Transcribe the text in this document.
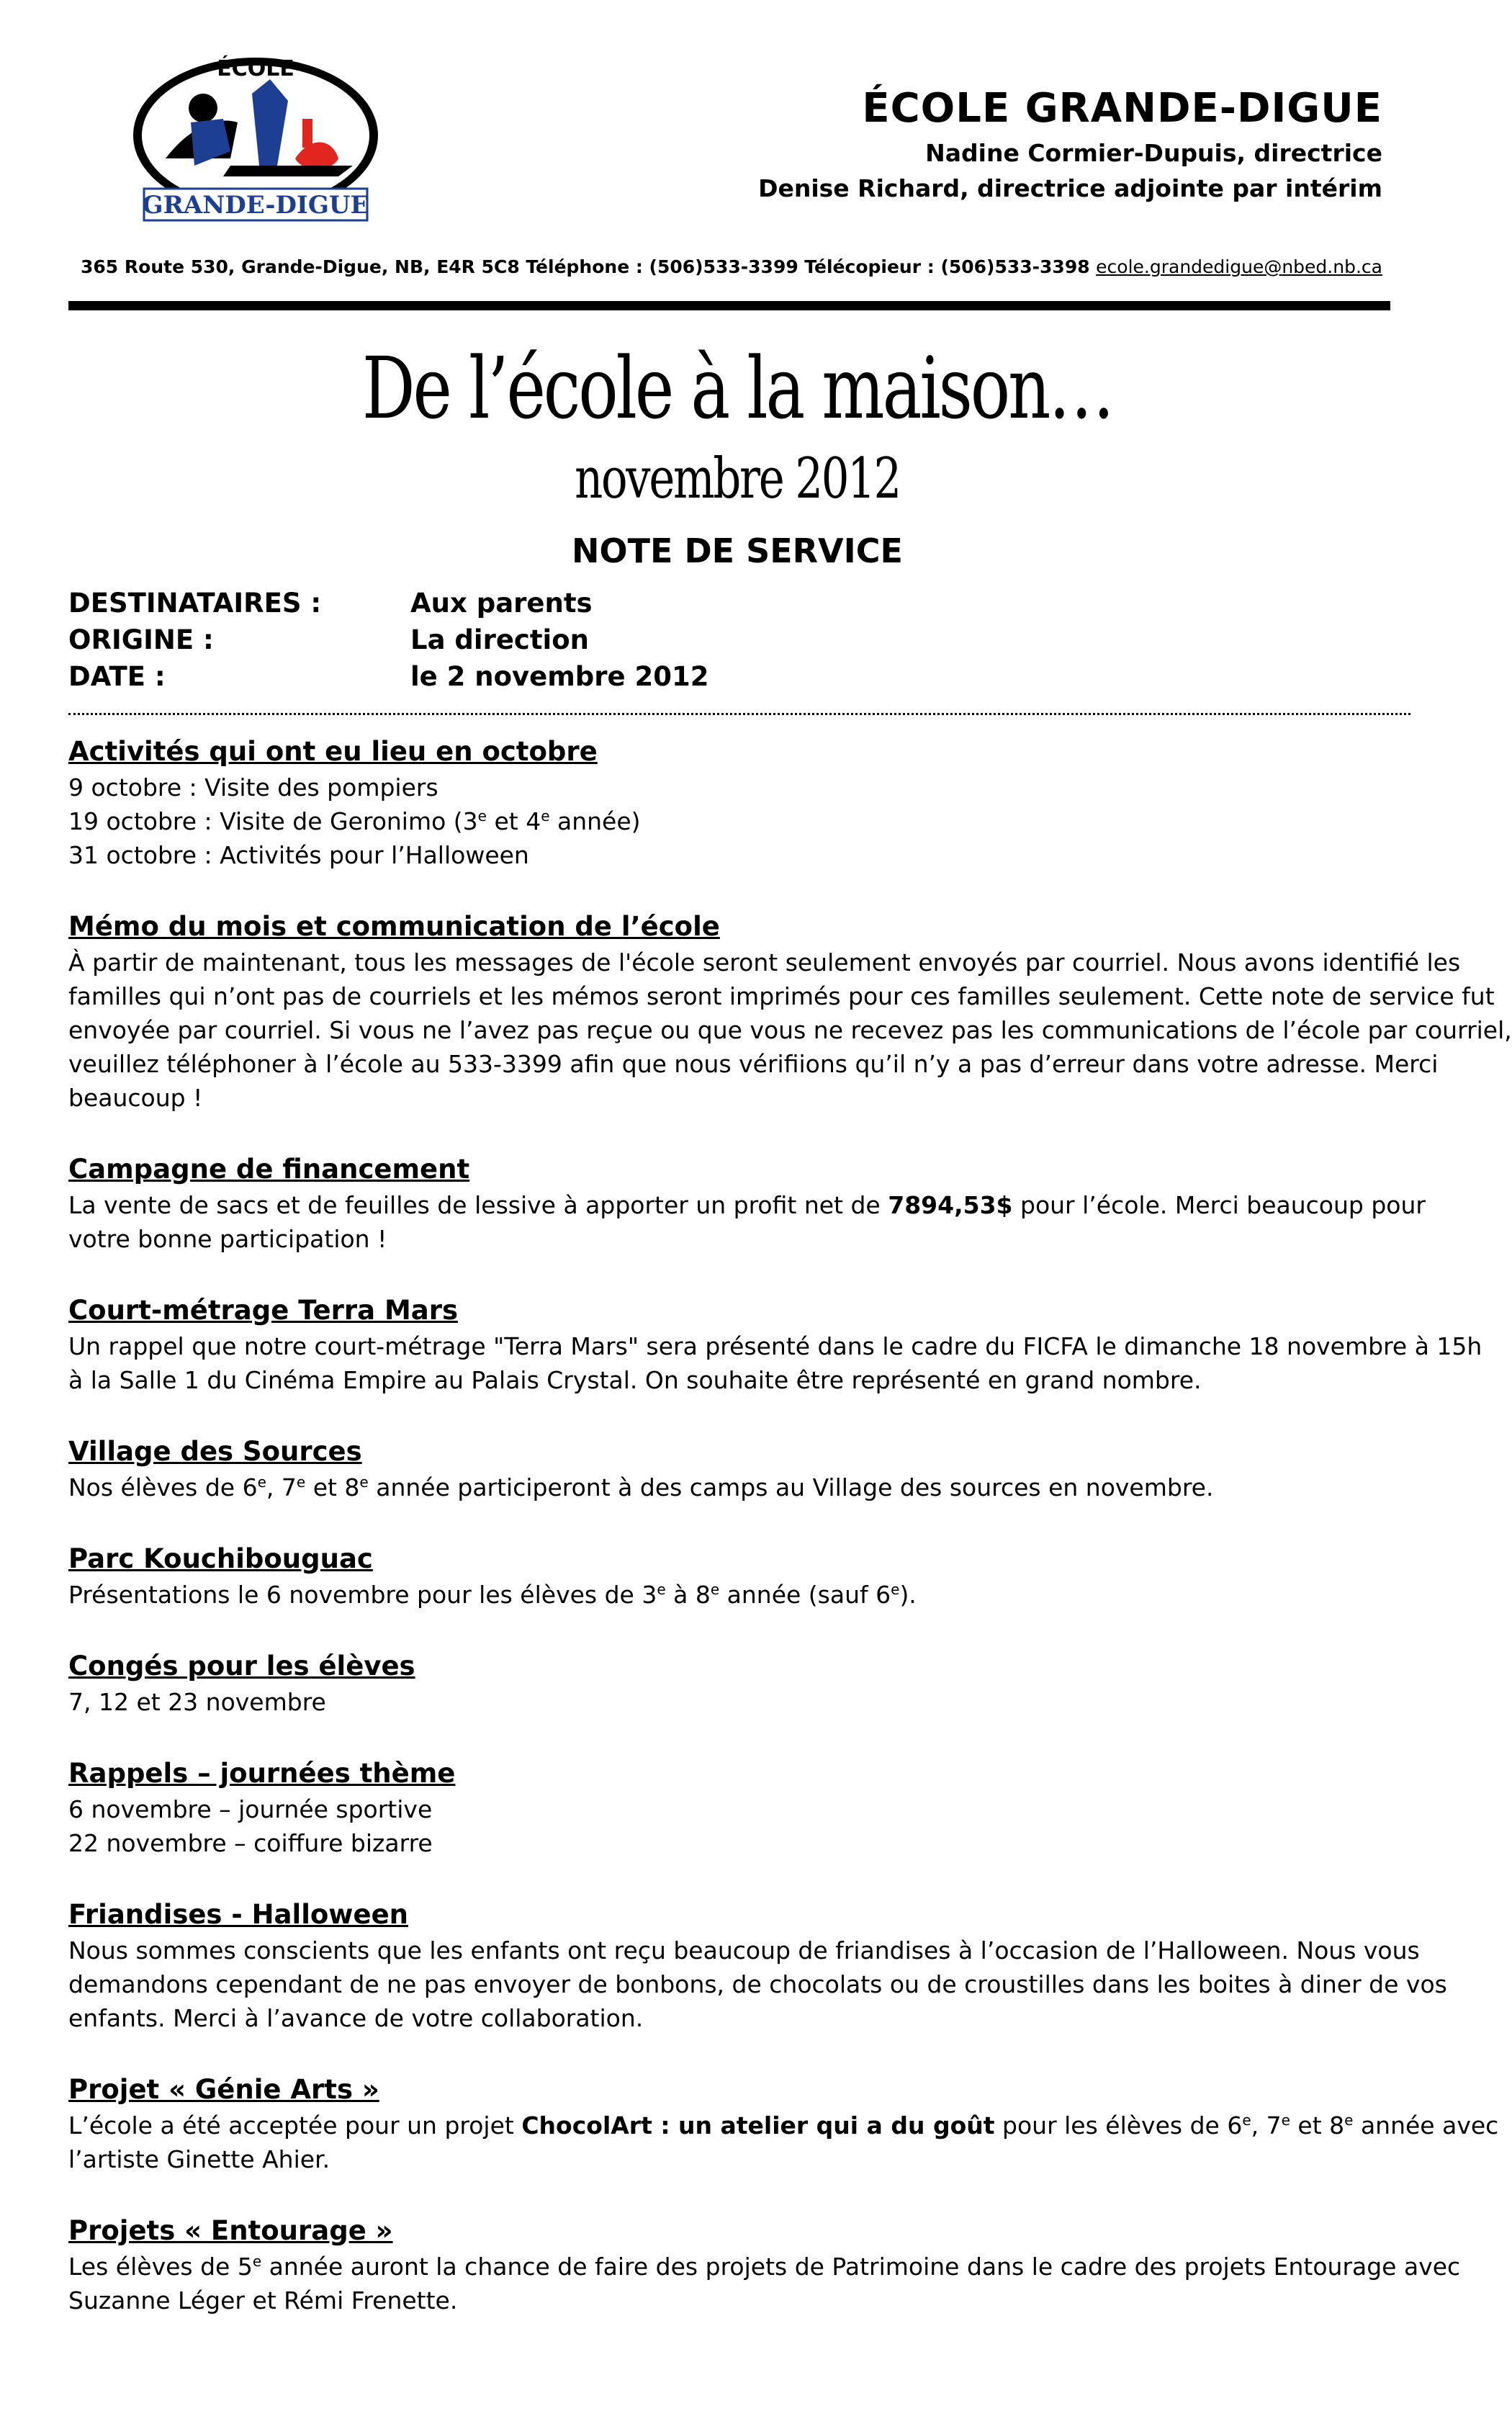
ÉCOLE
GRANDE-DIGUE
ÉCOLE GRANDE-DIGUE
Nadine Cormier-Dupuis, directrice
Denise Richard, directrice adjointe par intérim
365 Route 530, Grande-Digue, NB, E4R 5C8 Téléphone : (506)533-3399 Télécopieur : (506)533-3398 ecole.grandedigue@nbed.nb.ca
De l’école à la maison…
novembre 2012
NOTE DE SERVICE
DESTINATAIRES :	Aux parents
ORIGINE :	La direction
DATE :	le 2 novembre 2012
Activités qui ont eu lieu en octobre

9 octobre : Visite des pompiers
19 octobre : Visite de Geronimo (3e et 4e année)
31 octobre : Activités pour l’Halloween

Mémo du mois et communication de l’école

À partir de maintenant, tous les messages de l'école seront seulement envoyés par courriel. Nous avons identifié les
familles qui n’ont pas de courriels et les mémos seront imprimés pour ces familles seulement. Cette note de service fut
envoyée par courriel. Si vous ne l’avez pas reçue ou que vous ne recevez pas les communications de l’école par courriel,
veuillez téléphoner à l’école au 533-3399 afin que nous vérifiions qu’il n’y a pas d’erreur dans votre adresse. Merci
beaucoup !

Campagne de financement

La vente de sacs et de feuilles de lessive à apporter un profit net de 7894,53$ pour l’école. Merci beaucoup pour
votre bonne participation !

Court-métrage Terra Mars

Un rappel que notre court-métrage "Terra Mars" sera présenté dans le cadre du FICFA le dimanche 18 novembre à 15h
à la Salle 1 du Cinéma Empire au Palais Crystal. On souhaite être représenté en grand nombre.

Village des Sources

Nos élèves de 6e, 7e et 8e année participeront à des camps au Village des sources en novembre.

Parc Kouchibouguac

Présentations le 6 novembre pour les élèves de 3e à 8e année (sauf 6e).

Congés pour les élèves

7, 12 et 23 novembre

Rappels – journées thème

6 novembre – journée sportive
22 novembre – coiffure bizarre

Friandises - Halloween

Nous sommes conscients que les enfants ont reçu beaucoup de friandises à l’occasion de l’Halloween. Nous vous
demandons cependant de ne pas envoyer de bonbons, de chocolats ou de croustilles dans les boites à diner de vos
enfants. Merci à l’avance de votre collaboration.

Projet « Génie Arts »

L’école a été acceptée pour un projet ChocolArt : un atelier qui a du goût pour les élèves de 6e, 7e et 8e année avec
l’artiste Ginette Ahier.

Projets « Entourage »

Les élèves de 5e année auront la chance de faire des projets de Patrimoine dans le cadre des projets Entourage avec
Suzanne Léger et Rémi Frenette.
